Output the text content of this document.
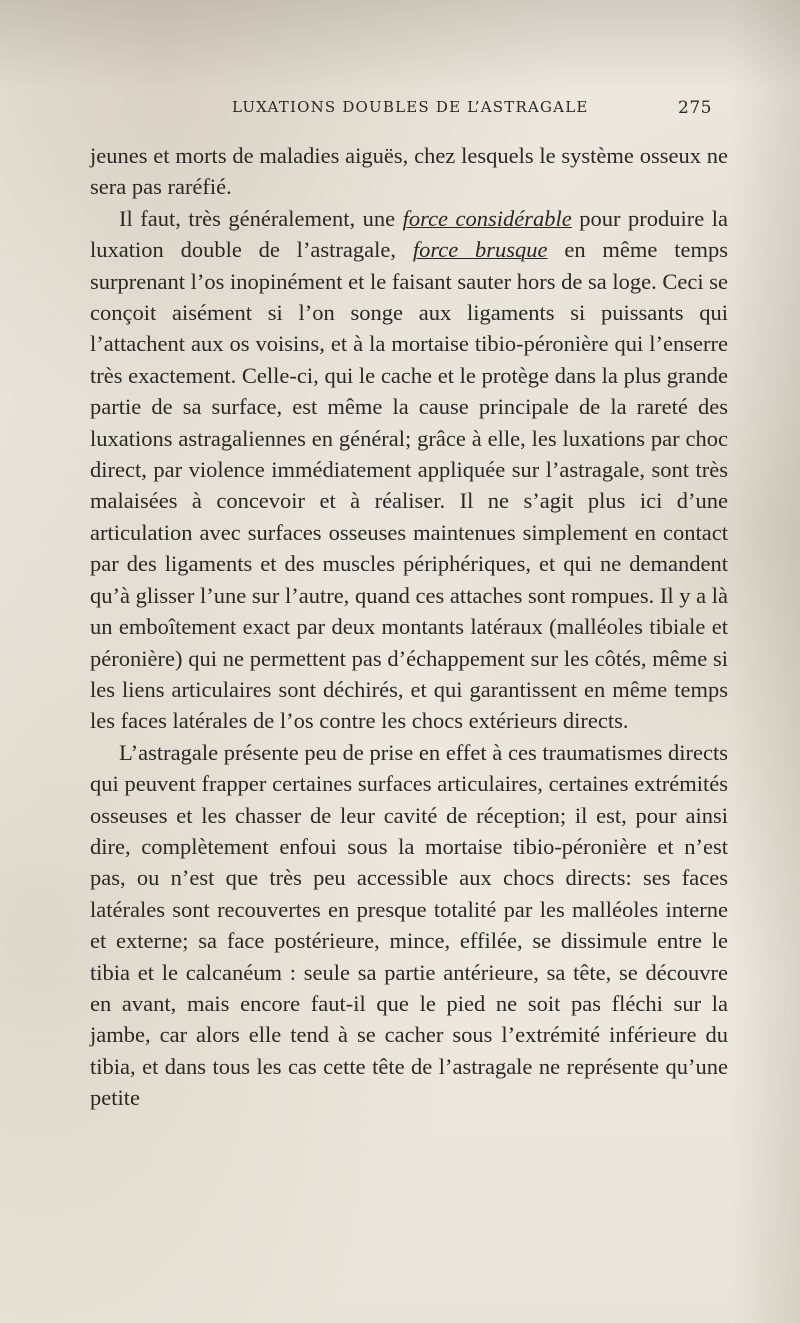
LUXATIONS DOUBLES DE L’ASTRAGALE	275

jeunes et morts de maladies aiguës, chez lesquels le système osseux ne sera pas raréfié.

Il faut, très généralement, une force considérable pour produire la luxation double de l’astragale, force brusque en même temps surprenant l’os inopinément et le faisant sauter hors de sa loge. Ceci se conçoit aisément si l’on songe aux ligaments si puissants qui l’attachent aux os voisins, et à la mortaise tibio-péronière qui l’enserre très exactement. Celle-ci, qui le cache et le protège dans la plus grande partie de sa surface, est même la cause principale de la rareté des luxations astragaliennes en général; grâce à elle, les luxations par choc direct, par violence immédiatement appliquée sur l’astragale, sont très malaisées à concevoir et à réaliser. Il ne s’agit plus ici d’une articulation avec surfaces osseuses maintenues simplement en contact par des ligaments et des muscles périphériques, et qui ne demandent qu’à glisser l’une sur l’autre, quand ces attaches sont rompues. Il y a là un emboîtement exact par deux montants latéraux (malléoles tibiale et péronière) qui ne permettent pas d’échappement sur les côtés, même si les liens articulaires sont déchirés, et qui garantissent en même temps les faces latérales de l’os contre les chocs extérieurs directs.

L’astragale présente peu de prise en effet à ces traumatismes directs qui peuvent frapper certaines surfaces articulaires, certaines extrémités osseuses et les chasser de leur cavité de réception; il est, pour ainsi dire, complètement enfoui sous la mortaise tibio-péronière et n’est pas, ou n’est que très peu accessible aux chocs directs: ses faces latérales sont recouvertes en presque totalité par les malléoles interne et externe; sa face postérieure, mince, effilée, se dissimule entre le tibia et le calcanéum : seule sa partie antérieure, sa tête, se découvre en avant, mais encore faut-il que le pied ne soit pas fléchi sur la jambe, car alors elle tend à se cacher sous l’extrémité inférieure du tibia, et dans tous les cas cette tête de l’astragale ne représente qu’une petite
